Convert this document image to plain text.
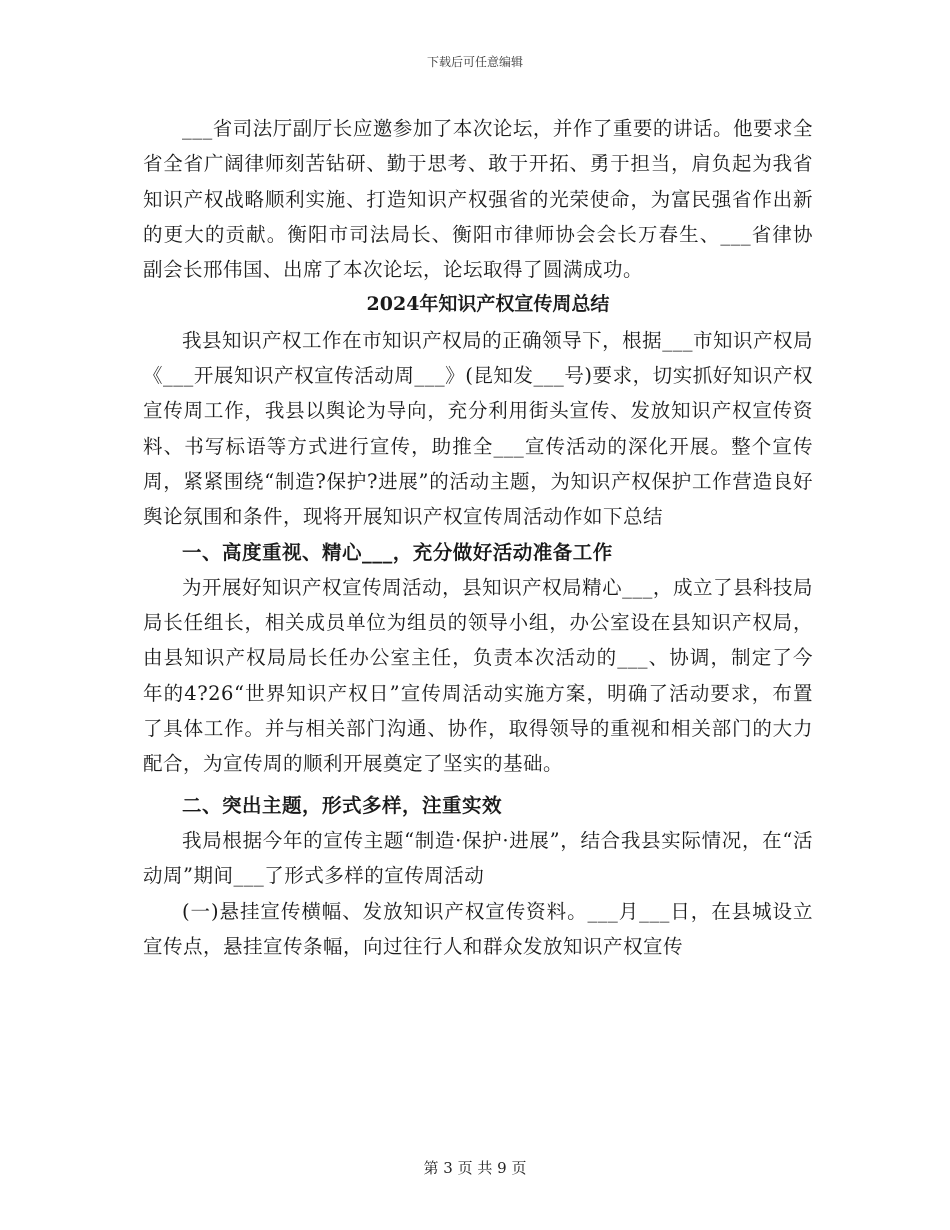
下载后可任意编辑

___省司法厅副厅长应邀参加了本次论坛，并作了重要的讲话。他要求全省全省广阔律师刻苦钻研、勤于思考、敢于开拓、勇于担当，肩负起为我省知识产权战略顺利实施、打造知识产权强省的光荣使命，为富民强省作出新的更大的贡献。衡阳市司法局长、衡阳市律师协会会长万春生、___省律协副会长邢伟国、出席了本次论坛，论坛取得了圆满成功。

2024年知识产权宣传周总结

我县知识产权工作在市知识产权局的正确领导下，根据___市知识产权局《___开展知识产权宣传活动周___》(昆知发___号)要求，切实抓好知识产权宣传周工作，我县以舆论为导向，充分利用街头宣传、发放知识产权宣传资料、书写标语等方式进行宣传，助推全___宣传活动的深化开展。整个宣传周，紧紧围绕“制造?保护?进展”的活动主题，为知识产权保护工作营造良好舆论氛围和条件，现将开展知识产权宣传周活动作如下总结

一、高度重视、精心___，充分做好活动准备工作

为开展好知识产权宣传周活动，县知识产权局精心___，成立了县科技局局长任组长，相关成员单位为组员的领导小组，办公室设在县知识产权局，由县知识产权局局长任办公室主任，负责本次活动的___、协调，制定了今年的4?26“世界知识产权日”宣传周活动实施方案，明确了活动要求，布置了具体工作。并与相关部门沟通、协作，取得领导的重视和相关部门的大力配合，为宣传周的顺利开展奠定了坚实的基础。

二、突出主题，形式多样，注重实效

我局根据今年的宣传主题“制造·保护·进展”，结合我县实际情况，在“活动周”期间___了形式多样的宣传周活动

(一)悬挂宣传横幅、发放知识产权宣传资料。___月___日，在县城设立宣传点，悬挂宣传条幅，向过往行人和群众发放知识产权宣传

第 3 页 共 9 页
